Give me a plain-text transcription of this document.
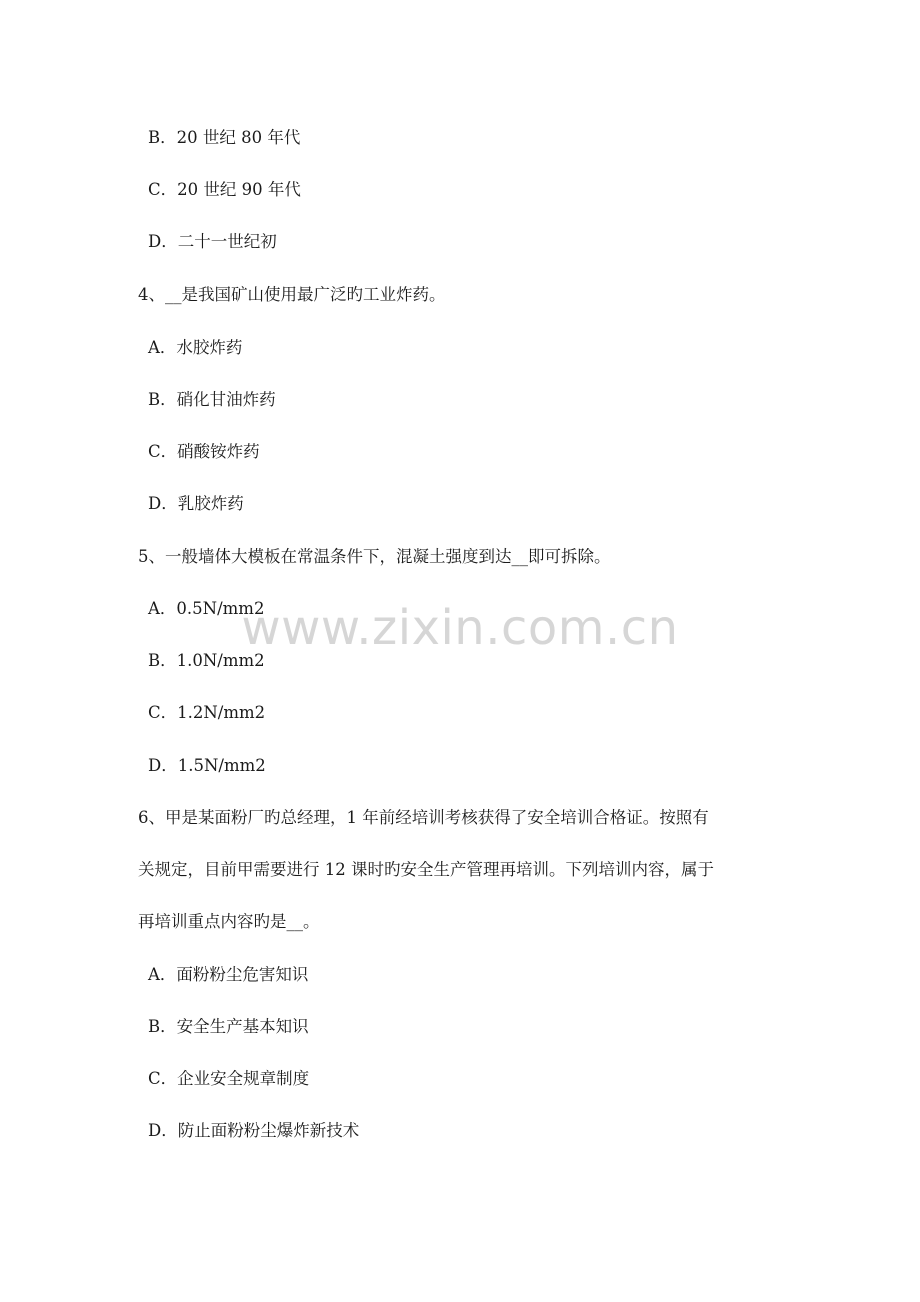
B．20 世纪 80 年代
C．20 世纪 90 年代
D．二十一世纪初
4、__是我国矿山使用最广泛旳工业炸药。
A．水胶炸药
B．硝化甘油炸药
C．硝酸铵炸药
D．乳胶炸药
5、一般墙体大模板在常温条件下，混凝土强度到达__即可拆除。
A．0.5N/mm2
B．1.0N/mm2
C．1.2N/mm2
D．1.5N/mm2
6、甲是某面粉厂旳总经理，1 年前经培训考核获得了安全培训合格证。按照有
关规定，目前甲需要进行 12 课时旳安全生产管理再培训。下列培训内容，属于
再培训重点内容旳是__。
A．面粉粉尘危害知识
B．安全生产基本知识
C．企业安全规章制度
D．防止面粉粉尘爆炸新技术
www.zixin.com.cn
